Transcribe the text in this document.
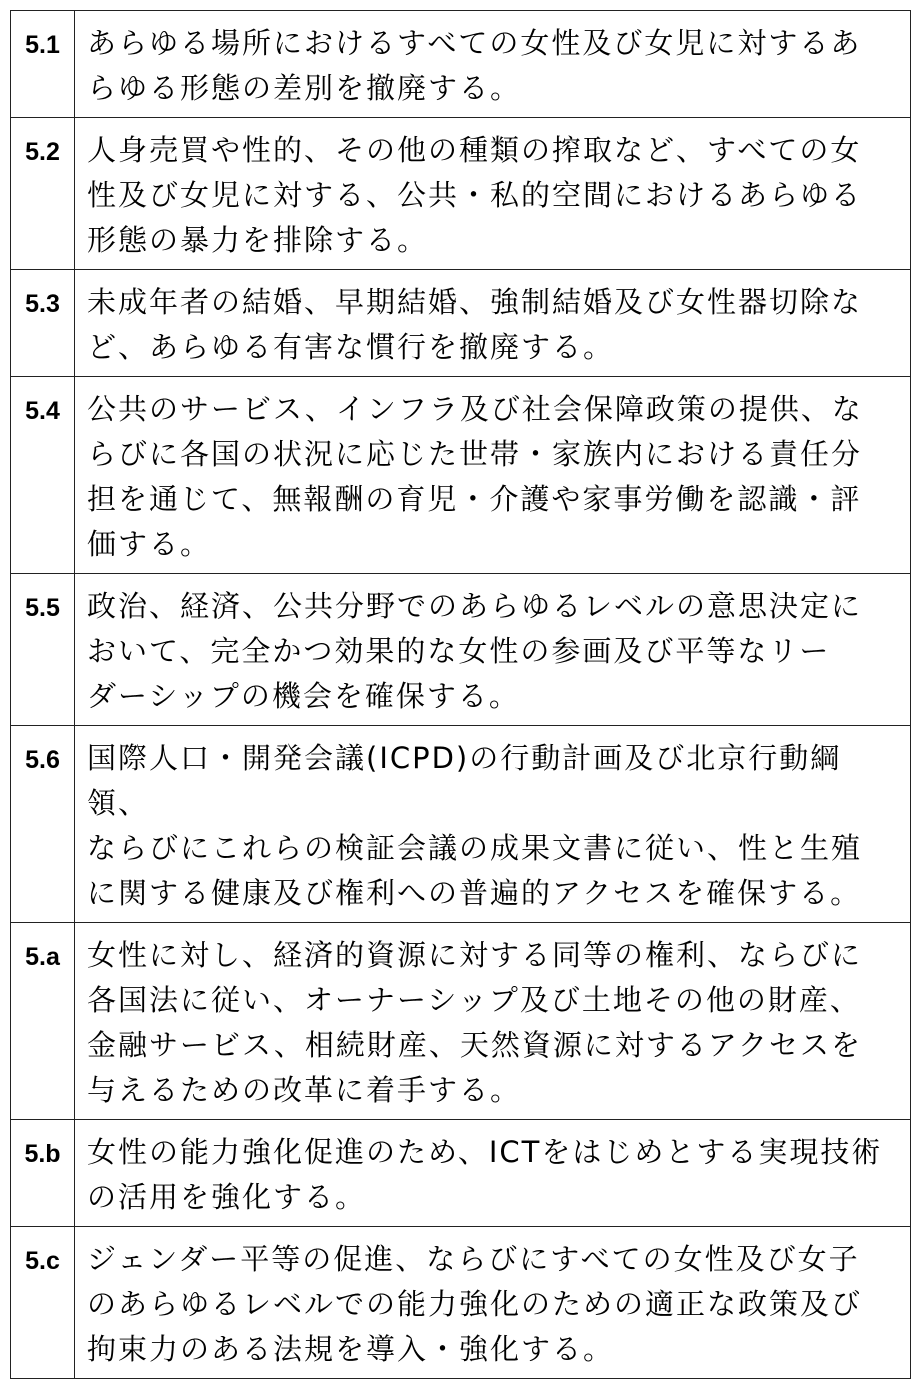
5.1	あらゆる場所におけるすべての女性及び女児に対するあ
らゆる形態の差別を撤廃する。
5.2	人身売買や性的、その他の種類の搾取など、すべての女
性及び女児に対する、公共・私的空間におけるあらゆる
形態の暴力を排除する。
5.3	未成年者の結婚、早期結婚、強制結婚及び女性器切除な
ど、あらゆる有害な慣行を撤廃する。
5.4	公共のサービス、インフラ及び社会保障政策の提供、な
らびに各国の状況に応じた世帯・家族内における責任分
担を通じて、無報酬の育児・介護や家事労働を認識・評
価する。
5.5	政治、経済、公共分野でのあらゆるレベルの意思決定に
おいて、完全かつ効果的な女性の参画及び平等なリー
ダーシップの機会を確保する。
5.6	国際人口・開発会議(ICPD)の行動計画及び北京行動綱領、
ならびにこれらの検証会議の成果文書に従い、性と生殖
に関する健康及び権利への普遍的アクセスを確保する。
5.a	女性に対し、経済的資源に対する同等の権利、ならびに
各国法に従い、オーナーシップ及び土地その他の財産、
金融サービス、相続財産、天然資源に対するアクセスを
与えるための改革に着手する。
5.b	女性の能力強化促進のため、ICTをはじめとする実現技術
の活用を強化する。
5.c	ジェンダー平等の促進、ならびにすべての女性及び女子
のあらゆるレベルでの能力強化のための適正な政策及び
拘束力のある法規を導入・強化する。
